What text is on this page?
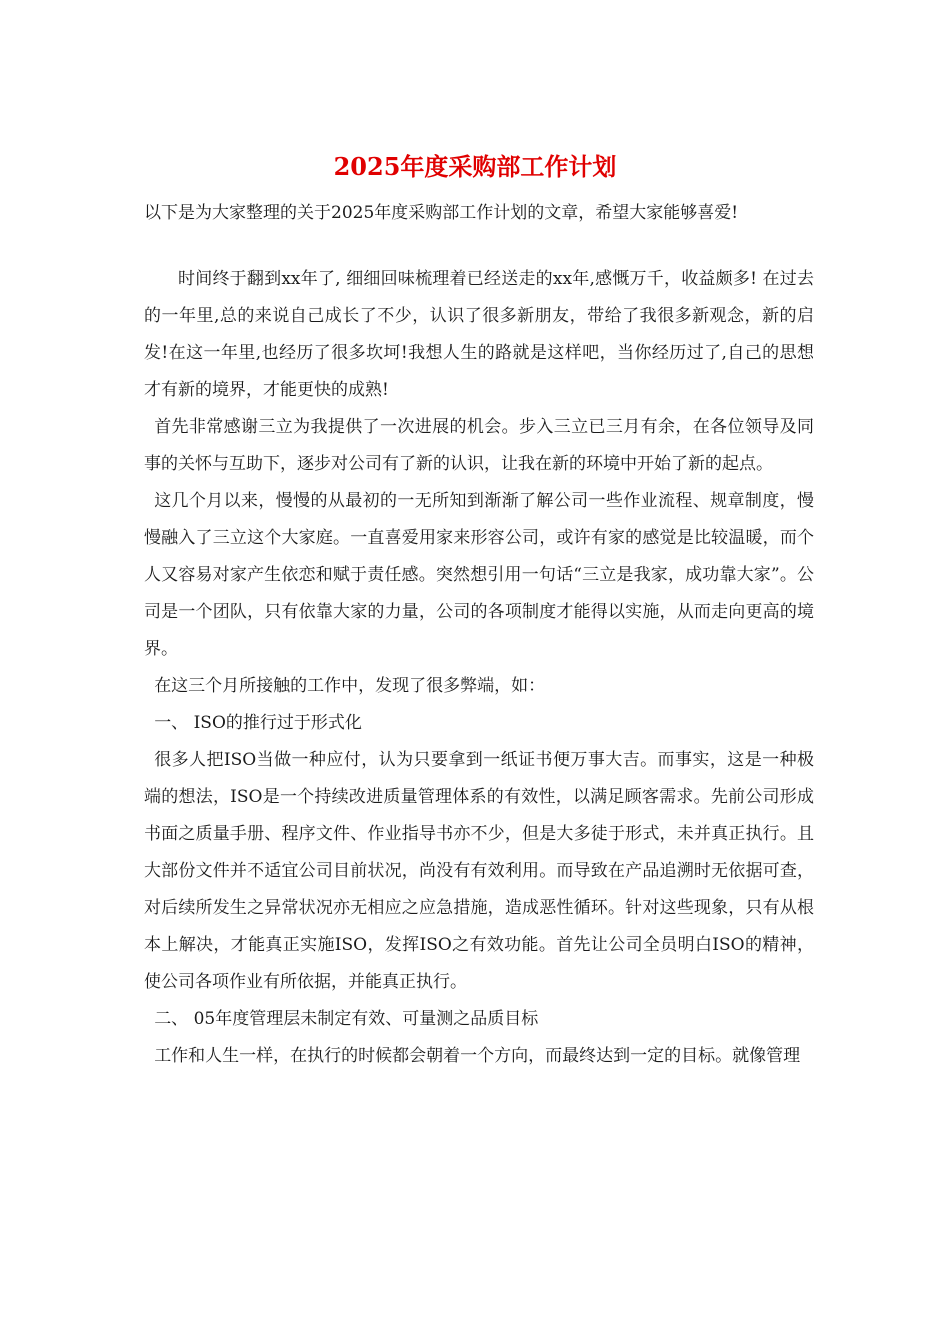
2025年度采购部工作计划

以下是为大家整理的关于2025年度采购部工作计划的文章，希望大家能够喜爱!

时间终于翻到xx年了, 细细回味梳理着已经送走的xx年,感慨万千，收益颇多! 在过去的一年里,总的来说自己成长了不少，认识了很多新朋友，带给了我很多新观念，新的启发!在这一年里,也经历了很多坎坷!我想人生的路就是这样吧，当你经历过了,自己的思想才有新的境界，才能更快的成熟!

首先非常感谢三立为我提供了一次进展的机会。步入三立已三月有余，在各位领导及同事的关怀与互助下，逐步对公司有了新的认识，让我在新的环境中开始了新的起点。

这几个月以来，慢慢的从最初的一无所知到渐渐了解公司一些作业流程、规章制度，慢慢融入了三立这个大家庭。一直喜爱用家来形容公司，或许有家的感觉是比较温暖，而个人又容易对家产生依恋和赋于责任感。突然想引用一句话“三立是我家，成功靠大家”。公司是一个团队，只有依靠大家的力量，公司的各项制度才能得以实施，从而走向更高的境界。

在这三个月所接触的工作中，发现了很多弊端，如：

一、 ISO的推行过于形式化

很多人把ISO当做一种应付，认为只要拿到一纸证书便万事大吉。而事实，这是一种极端的想法，ISO是一个持续改进质量管理体系的有效性，以满足顾客需求。先前公司形成书面之质量手册、程序文件、作业指导书亦不少，但是大多徒于形式，未并真正执行。且大部份文件并不适宜公司目前状况，尚没有有效利用。而导致在产品追溯时无依据可查，对后续所发生之异常状况亦无相应之应急措施，造成恶性循环。针对这些现象，只有从根本上解决，才能真正实施ISO，发挥ISO之有效功能。首先让公司全员明白ISO的精神，使公司各项作业有所依据，并能真正执行。

二、 05年度管理层未制定有效、可量测之品质目标

工作和人生一样，在执行的时候都会朝着一个方向，而最终达到一定的目标。就像管理
